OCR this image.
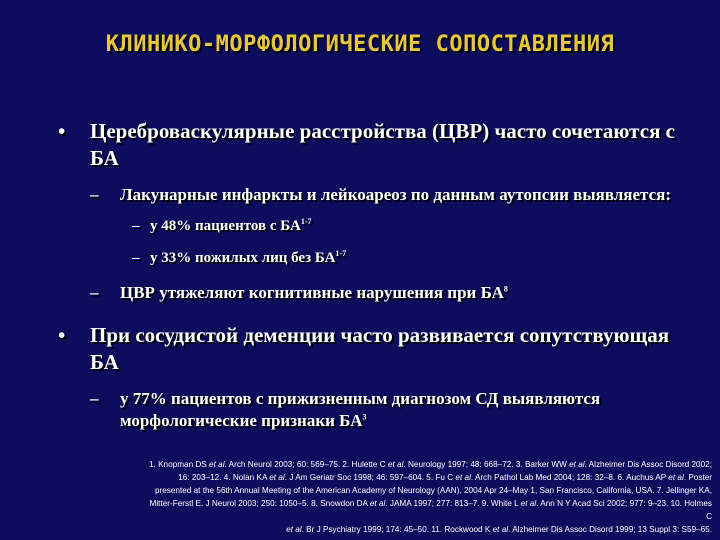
КЛИНИКО-МОРФОЛОГИЧЕСКИЕ СОПОСТАВЛЕНИЯ
• Цереброваскулярные расстройства (ЦВР) часто сочетаются с БА
– Лакунарные инфаркты и лейкоареоз по данным аутопсии выявляется:
– у 48% пациентов с БА$^{1-7}$
– у 33% пожилых лиц без БА$^{1-7}$
– ЦВР утяжеляют когнитивные нарушения при $БА^8$
• При сосудистой деменции часто развивается сопутствующая БА
– у 77% пациентов с прижизненным диагнозом СД выявляются морфологические признаки $БА^3$
1. Knopman DS et al. Arch Neurol 2003; 60: 569–75. 2. Hulette C et al. Neurology 1997; 48: 668–72. 3. Barker WW et al. Alzheimer Dis Assoc Disord 2002;
16: 203–12. 4. Nolan KA et al. J Am Geriatr Soc 1998; 46: 597–604. 5. Fu C et al. Arch Pathol Lab Med 2004; 128: 32–8. 6. Auchus AP et al. Poster
presented at the 56th Annual Meeting of the American Academy of Neurology (AAN), 2004 Apr 24–May 1, San Francisco, California, USA. 7. Jellinger KA,
Mitter-Ferstl E. J Neurol 2003; 250: 1050–5. 8. Snowdon DA et al. JAMA 1997; 277: 813–7. 9. White L et al. Ann N Y Acad Sci 2002; 977: 9–23. 10. Holmes
C
et al. Br J Psychiatry 1999; 174: 45–50. 11. Rockwood K et al. Alzheimer Dis Assoc Disord 1999; 13 Suppl 3: S59–65.
